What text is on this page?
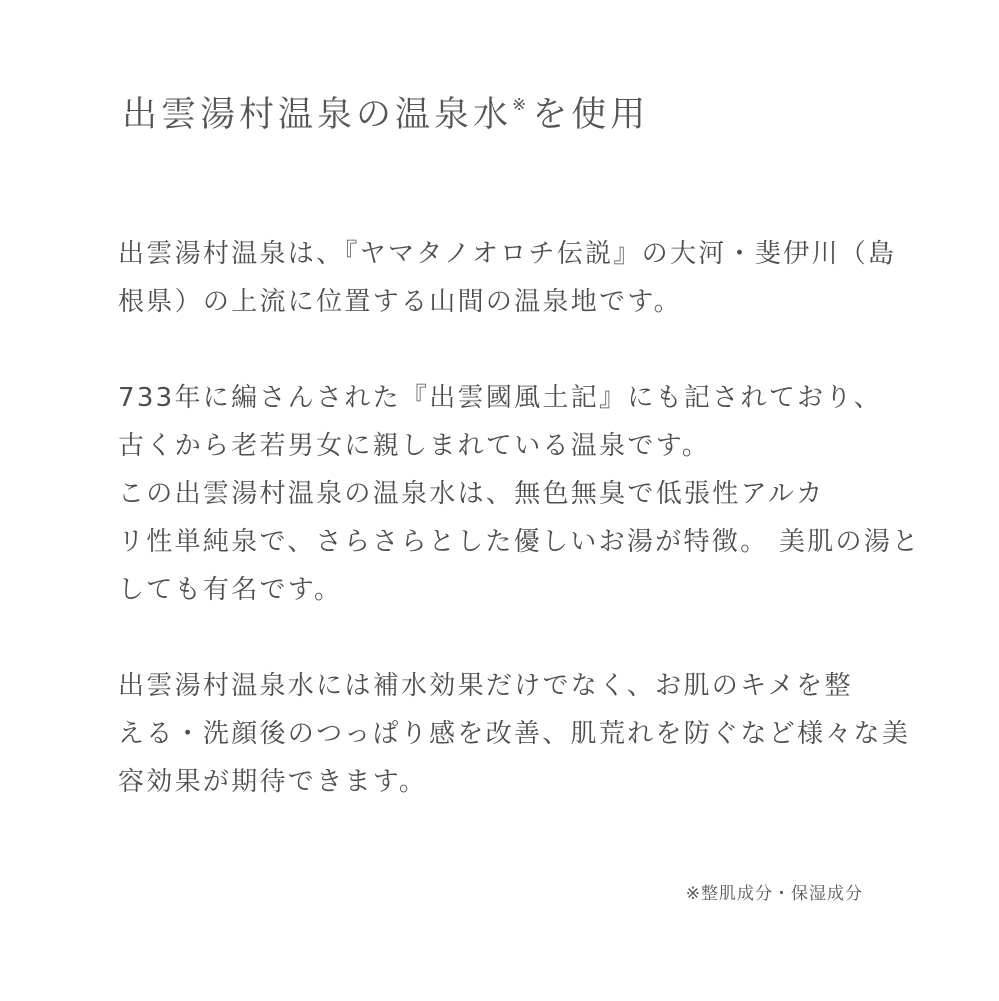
出雲湯村温泉の温泉水※ を使用

出雲湯村温泉は、『ヤマタノオロチ伝説』の大河・斐伊川（島
根県）の上流に位置する山間の温泉地です。

733年に編さんされた『出雲國風土記』にも記されており、
古くから老若男女に親しまれている温泉です。
この出雲湯村温泉の温泉水は、無色無臭で低張性アルカ
リ性単純泉で、さらさらとした優しいお湯が特徴。 美肌の湯と
しても有名です。

出雲湯村温泉水には補水効果だけでなく、お肌のキメを整
える・洗顔後のつっぱり感を改善、肌荒れを防ぐなど様々な美
容効果が期待できます。

※整肌成分・保湿成分
